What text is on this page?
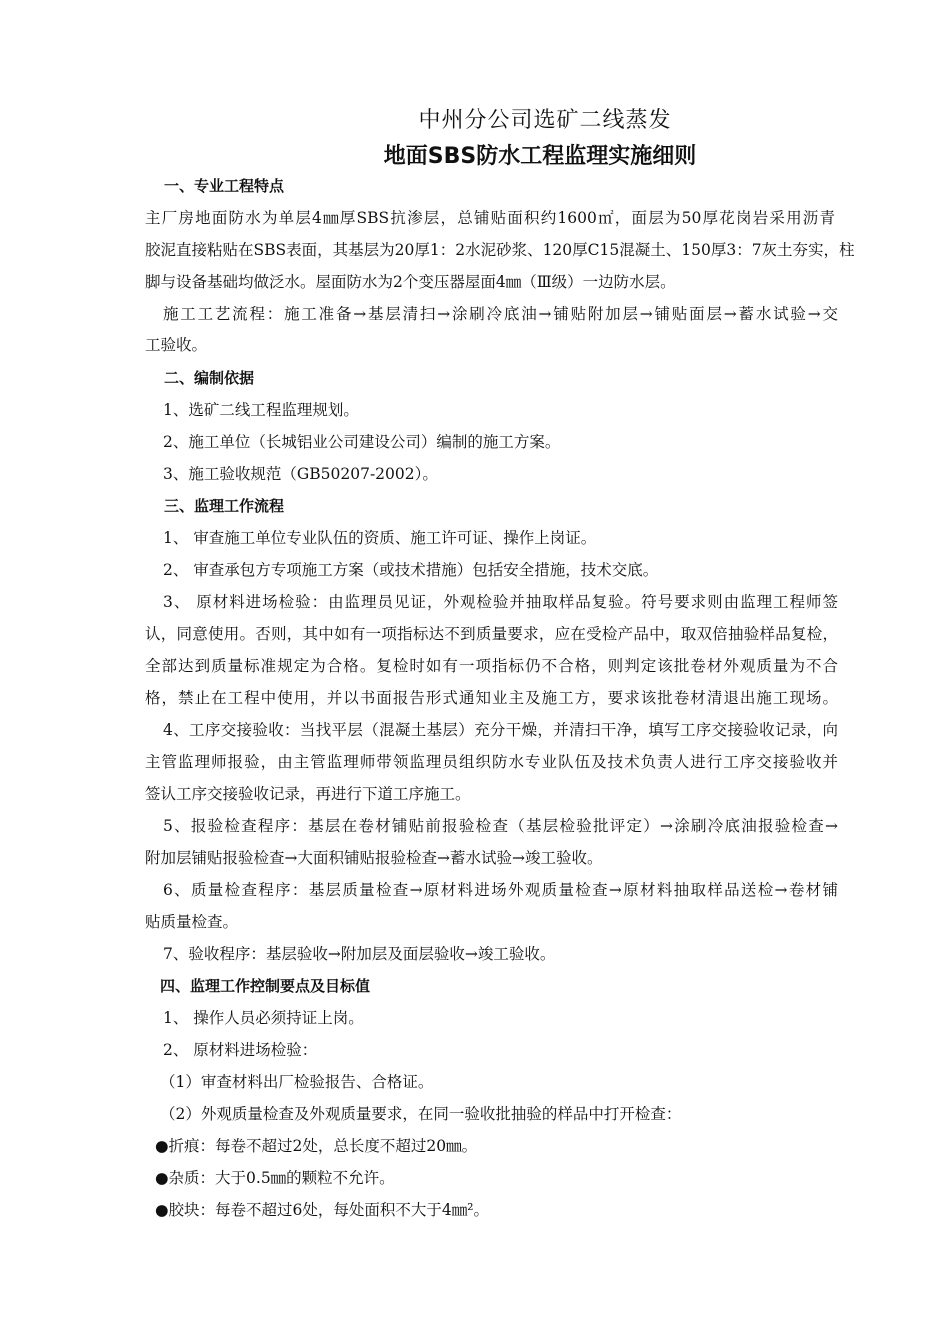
中州分公司选矿二线蒸发
地面SBS防水工程监理实施细则
一、专业工程特点
主厂房地面防水为单层4㎜厚SBS抗渗层，总铺贴面积约1600㎡，面层为50厚花岗岩采用沥青
胶泥直接粘贴在SBS表面，其基层为20厚1：2水泥砂浆、120厚C15混凝土、150厚3：7灰土夯实，柱
脚与设备基础均做泛水。屋面防水为2个变压器屋面4㎜（Ⅲ级）一边防水层。
施工工艺流程：施工准备→基层清扫→涂刷冷底油→铺贴附加层→铺贴面层→蓄水试验→交
工验收。
二、编制依据
1、选矿二线工程监理规划。
2、施工单位（长城铝业公司建设公司）编制的施工方案。
3、施工验收规范（GB50207-2002）。
三、监理工作流程
1、 审查施工单位专业队伍的资质、施工许可证、操作上岗证。
2、 审查承包方专项施工方案（或技术措施）包括安全措施，技术交底。
3、 原材料进场检验：由监理员见证，外观检验并抽取样品复验。符号要求则由监理工程师签
认，同意使用。否则，其中如有一项指标达不到质量要求，应在受检产品中，取双倍抽验样品复检，
全部达到质量标准规定为合格。复检时如有一项指标仍不合格，则判定该批卷材外观质量为不合
格，禁止在工程中使用，并以书面报告形式通知业主及施工方，要求该批卷材清退出施工现场。
4、工序交接验收：当找平层（混凝土基层）充分干燥，并清扫干净，填写工序交接验收记录，向
主管监理师报验，由主管监理师带领监理员组织防水专业队伍及技术负责人进行工序交接验收并
签认工序交接验收记录，再进行下道工序施工。
5、报验检查程序：基层在卷材铺贴前报验检查（基层检验批评定）→涂刷冷底油报验检查→
附加层铺贴报验检查→大面积铺贴报验检查→蓄水试验→竣工验收。
6、质量检查程序：基层质量检查→原材料进场外观质量检查→原材料抽取样品送检→卷材铺
贴质量检查。
7、验收程序：基层验收→附加层及面层验收→竣工验收。
四、监理工作控制要点及目标值
1、 操作人员必须持证上岗。
2、 原材料进场检验：
（1）审查材料出厂检验报告、合格证。
（2）外观质量检查及外观质量要求，在同一验收批抽验的样品中打开检查：
●折痕：每卷不超过2处，总长度不超过20㎜。
●杂质：大于0.5㎜的颗粒不允许。
●胶块：每卷不超过6处，每处面积不大于4㎜²。
